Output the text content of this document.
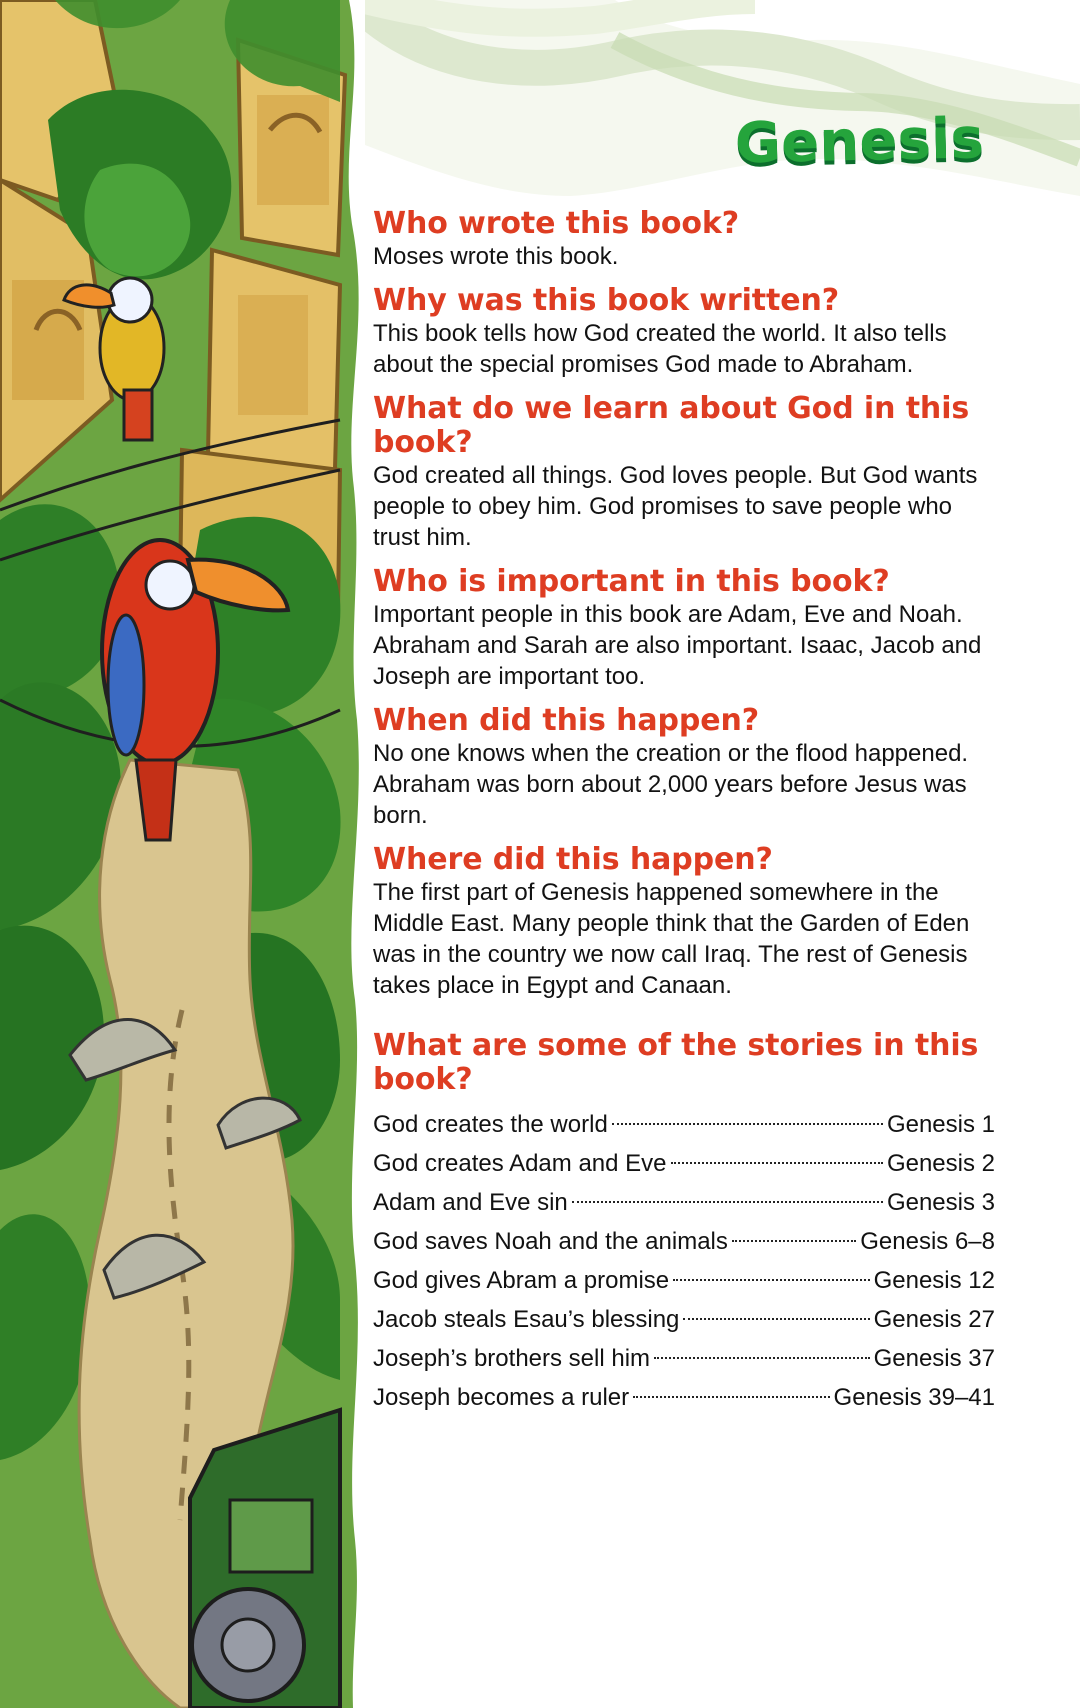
Genesis
Who wrote this book?

Moses wrote this book.

Why was this book written?

This book tells how God created the world. It also tells about the special promises God made to Abraham.

What do we learn about God in this book?

God created all things. God loves people. But God wants people to obey him. God promises to save people who trust him.

Who is important in this book?

Important people in this book are Adam, Eve and Noah. Abraham and Sarah are also important. Isaac, Jacob and Joseph are important too.

When did this happen?

No one knows when the creation or the flood happened. Abraham was born about 2,000 years before Jesus was born.

Where did this happen?

The first part of Genesis happened somewhere in the Middle East. Many people think that the Garden of Eden was in the country we now call Iraq. The rest of Genesis takes place in Egypt and Canaan.

What are some of the stories in this book?
God creates the world	Genesis 1
God creates Adam and Eve	Genesis 2
Adam and Eve sin	Genesis 3
God saves Noah and the animals	Genesis 6–8
God gives Abram a promise	Genesis 12
Jacob steals Esau’s blessing	Genesis 27
Joseph’s brothers sell him	Genesis 37
Joseph becomes a ruler	Genesis 39–41
